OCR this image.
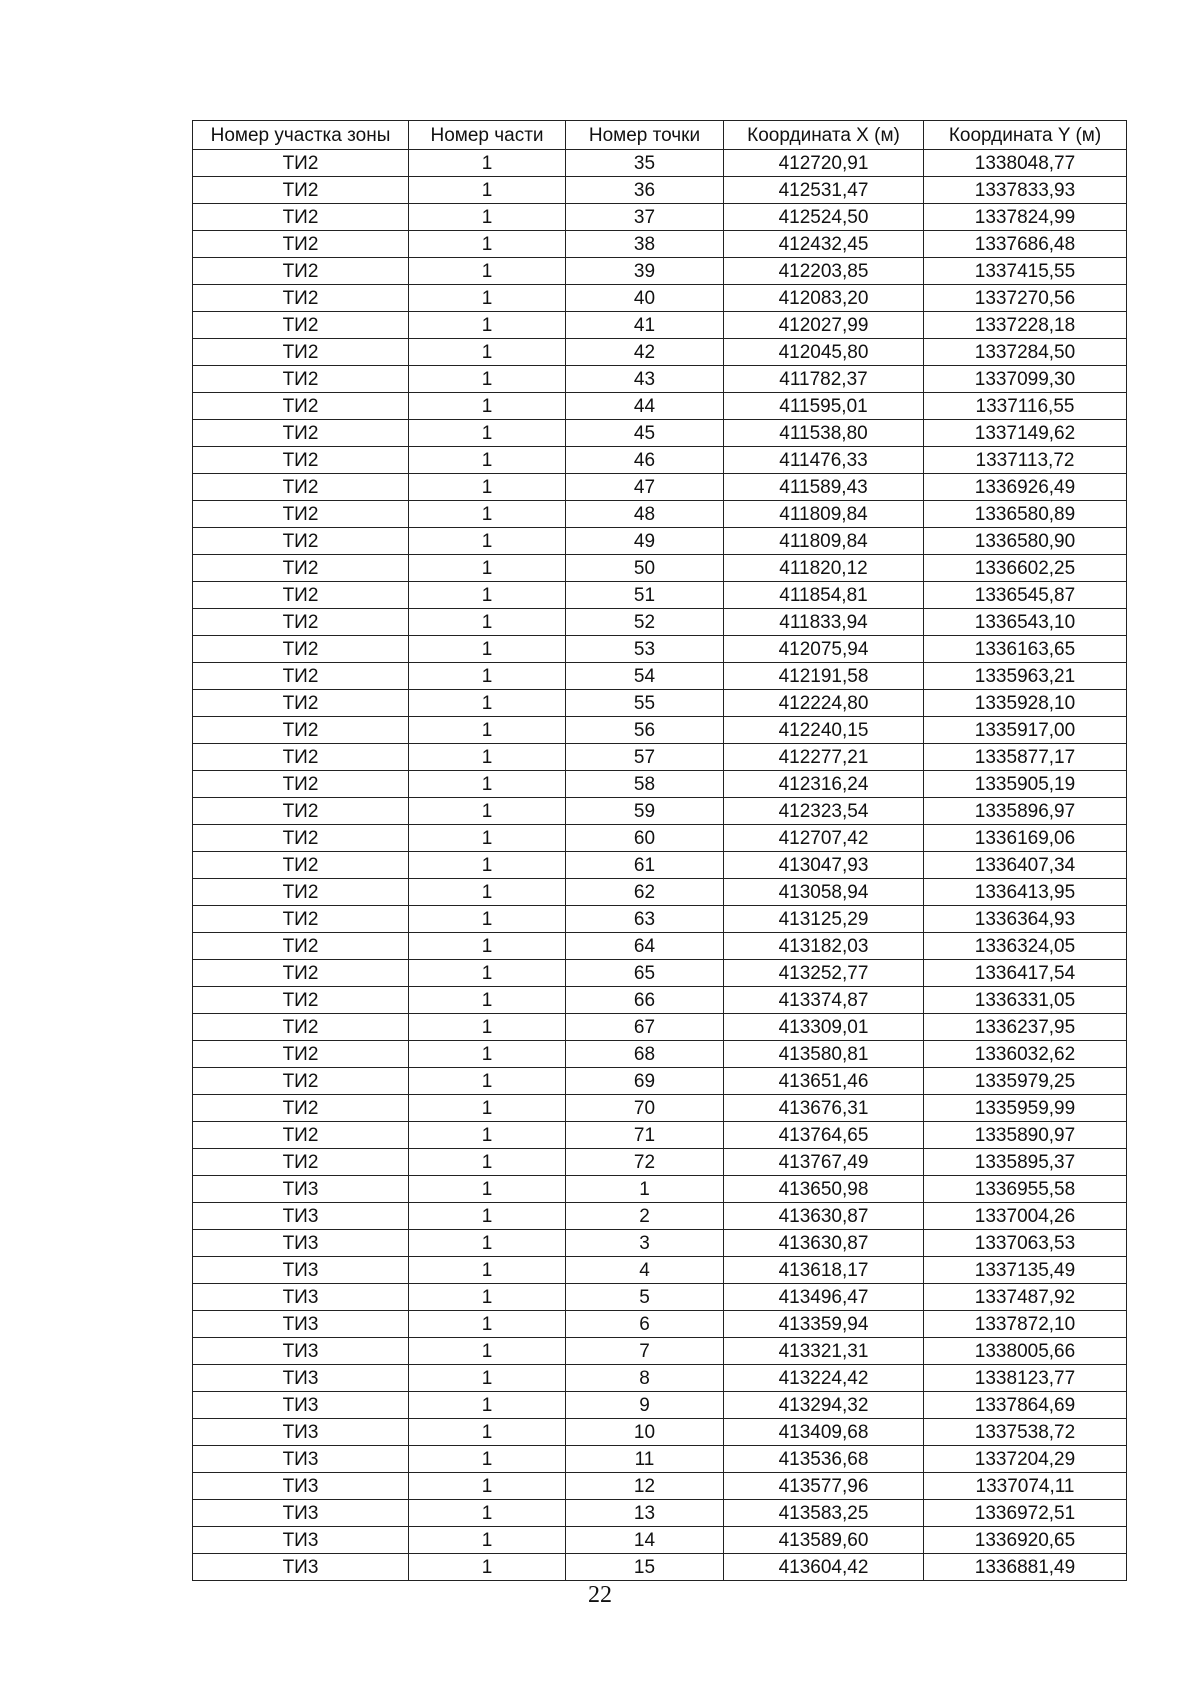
Номер участка зоны	Номер части	Номер точки	Координата X (м)	Координата Y (м)
ТИ2	1	35	412720,91	1338048,77
ТИ2	1	36	412531,47	1337833,93
ТИ2	1	37	412524,50	1337824,99
ТИ2	1	38	412432,45	1337686,48
ТИ2	1	39	412203,85	1337415,55
ТИ2	1	40	412083,20	1337270,56
ТИ2	1	41	412027,99	1337228,18
ТИ2	1	42	412045,80	1337284,50
ТИ2	1	43	411782,37	1337099,30
ТИ2	1	44	411595,01	1337116,55
ТИ2	1	45	411538,80	1337149,62
ТИ2	1	46	411476,33	1337113,72
ТИ2	1	47	411589,43	1336926,49
ТИ2	1	48	411809,84	1336580,89
ТИ2	1	49	411809,84	1336580,90
ТИ2	1	50	411820,12	1336602,25
ТИ2	1	51	411854,81	1336545,87
ТИ2	1	52	411833,94	1336543,10
ТИ2	1	53	412075,94	1336163,65
ТИ2	1	54	412191,58	1335963,21
ТИ2	1	55	412224,80	1335928,10
ТИ2	1	56	412240,15	1335917,00
ТИ2	1	57	412277,21	1335877,17
ТИ2	1	58	412316,24	1335905,19
ТИ2	1	59	412323,54	1335896,97
ТИ2	1	60	412707,42	1336169,06
ТИ2	1	61	413047,93	1336407,34
ТИ2	1	62	413058,94	1336413,95
ТИ2	1	63	413125,29	1336364,93
ТИ2	1	64	413182,03	1336324,05
ТИ2	1	65	413252,77	1336417,54
ТИ2	1	66	413374,87	1336331,05
ТИ2	1	67	413309,01	1336237,95
ТИ2	1	68	413580,81	1336032,62
ТИ2	1	69	413651,46	1335979,25
ТИ2	1	70	413676,31	1335959,99
ТИ2	1	71	413764,65	1335890,97
ТИ2	1	72	413767,49	1335895,37
ТИ3	1	1	413650,98	1336955,58
ТИ3	1	2	413630,87	1337004,26
ТИ3	1	3	413630,87	1337063,53
ТИ3	1	4	413618,17	1337135,49
ТИ3	1	5	413496,47	1337487,92
ТИ3	1	6	413359,94	1337872,10
ТИ3	1	7	413321,31	1338005,66
ТИ3	1	8	413224,42	1338123,77
ТИ3	1	9	413294,32	1337864,69
ТИ3	1	10	413409,68	1337538,72
ТИ3	1	11	413536,68	1337204,29
ТИ3	1	12	413577,96	1337074,11
ТИ3	1	13	413583,25	1336972,51
ТИ3	1	14	413589,60	1336920,65
ТИ3	1	15	413604,42	1336881,49
22
